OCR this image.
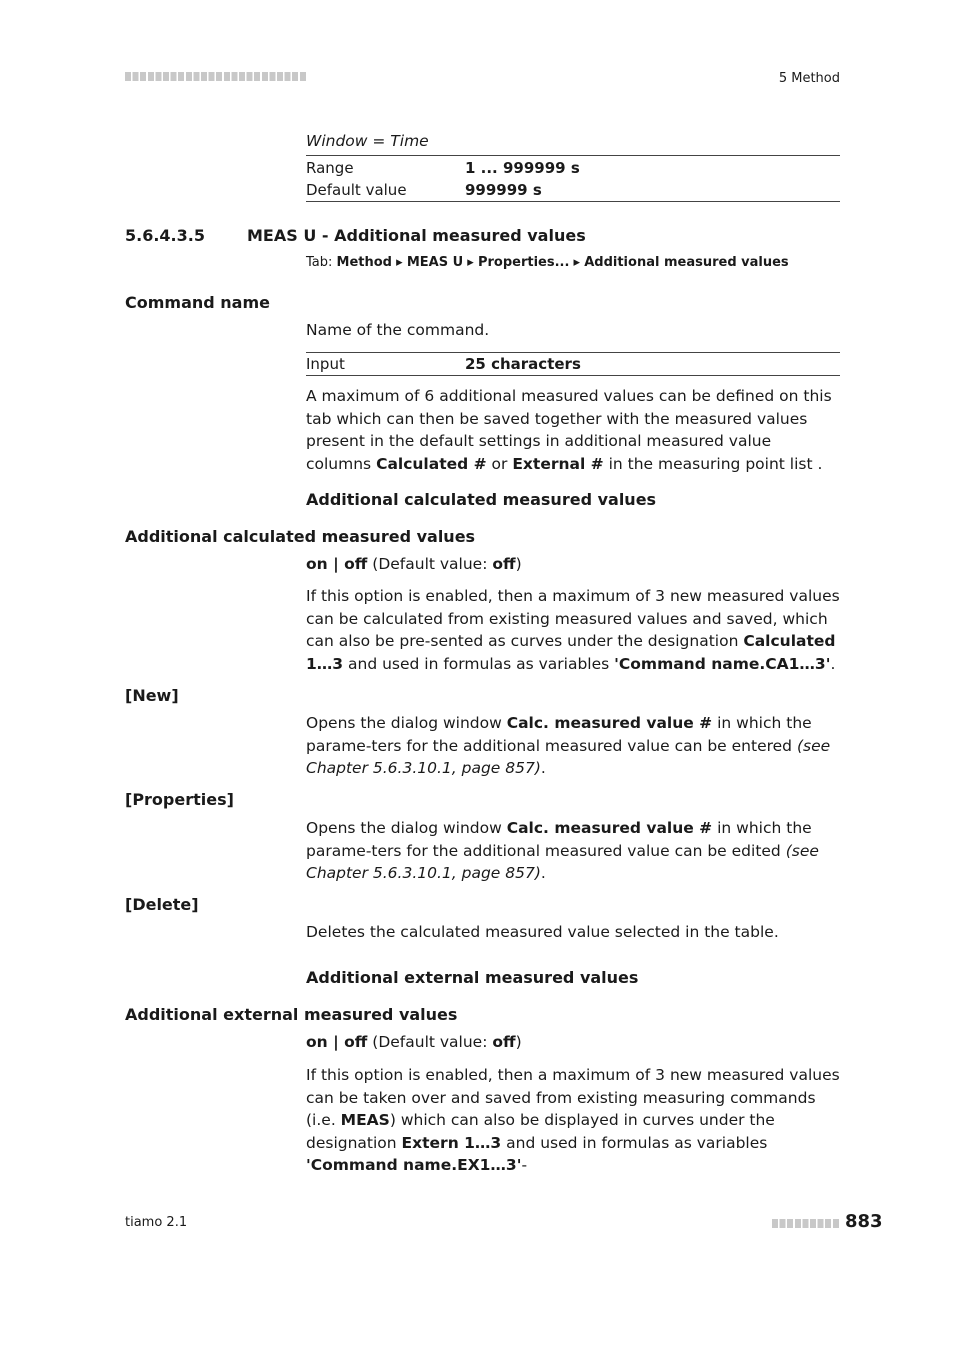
5 Method
Window = Time
Range	1 ... 999999 s
Default value	999999 s
5.6.4.3.5	MEAS U - Additional measured values
Tab: Method ▸ MEAS U ▸ Properties... ▸ Additional measured values
Command name
Name of the command.
Input	25 characters
A maximum of 6 additional measured values can be defined on this tab which can then be saved together with the measured values present in the default settings in additional measured value columns Calculated # or External # in the measuring point list .
Additional calculated measured values
Additional calculated measured values
on | off (Default value: off)
If this option is enabled, then a maximum of 3 new measured values can be calculated from existing measured values and saved, which can also be pre-sented as curves under the designation Calculated 1…3 and used in formulas as variables 'Command name.CA1…3'.
[New]
Opens the dialog window Calc. measured value # in which the parame-ters for the additional measured value can be entered (see Chapter 5.6.3.10.1, page 857).
[Properties]
Opens the dialog window Calc. measured value # in which the parame-ters for the additional measured value can be edited (see Chapter 5.6.3.10.1, page 857).
[Delete]
Deletes the calculated measured value selected in the table.
Additional external measured values
Additional external measured values
on | off (Default value: off)
If this option is enabled, then a maximum of 3 new measured values can be taken over and saved from existing measuring commands (i.e. MEAS) which can also be displayed in curves under the designation Extern 1…3 and used in formulas as variables 'Command name.EX1…3'-
tiamo 2.1	883
